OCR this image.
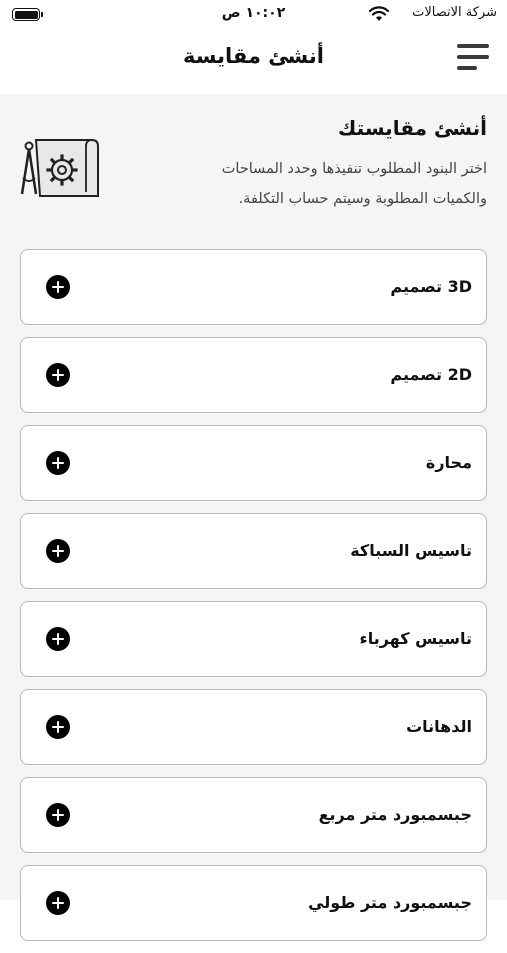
١٠:٠٢ ص	شركة الاتصالات
أنشئ مقايسة
أنشئ مقايستك

اختر البنود المطلوب تنفيذها وحدد المساحات والكميات المطلوبة وسيتم حساب التكلفة.

3D تصميم
2D تصميم
محارة
تاسيس السباكة
تاسيس كهرباء
الدهانات
جبسمبورد متر مربع
جبسمبورد متر طولي
